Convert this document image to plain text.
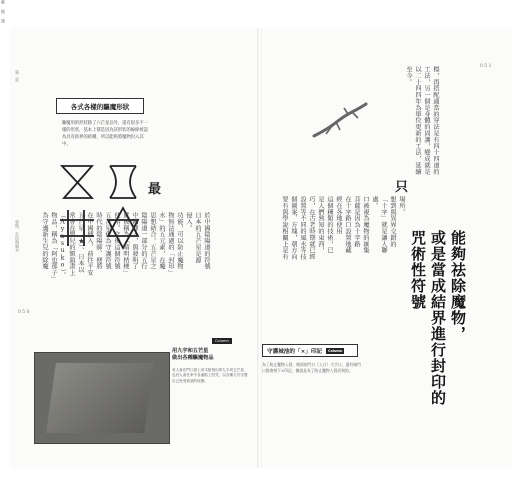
第二章
事物、生活與風水
0 5 0
各式各樣的驅魔形狀
驅魔用的形狀除了六芒星以外，還有很多不一樣的形狀，基本上都是因為該形狀的線條被認為具有結界的結構，所以能夠將魔物封入其中。
最
蘇 帳 簿
於中國陰陽道的符號
日本的五芒星是源
侵入。
功能，可以防止魔物
物無法通過的「封印」
水」的五元素，在魔
思想結合。五芒星之
陰陽道一部分的五行
中國傳入，與發明了
就被稱為「晴明桔梗」
使用。之後這個符號
五芒星作為守護符號
時代的陰陽師、便將
在中國傳入、前往平安
五芒星（★）、日本以
常會在嬰兒的額頭畫上
（Ayasuko）。
物品，稱為「阿也那子」
為守護新生兒的除魔
Column
用九字和五芒星
做出各種驅魔物品
有人會在門口掛上用木板刻出的九字或五芒星，也有人會在家中各處貼上符咒，以各種方式守護自己免受邪惡的侵擾。
0 5 1
標，再搭配適當的穿法是有四十四道的工法，另一個是身體的固護，變成就是以二十四四年為單位更新的工法，延續至今。
只
場所。
想到與異界交錯的
「十字」就是讓人聯
處。
口被視為魔物的匯集
菩薩是因為十字路
在十字路口設置地藏
經在各地使用
這個種類的技術，已
是人們熟知的東西，
巧，在古老時期就已經
設置等不同的風水等技
個圖案、方塊，朝方向
要有與學說相關上是有
能夠祛除魔物，
或是當成結界進行封印的
咒術性符號
守護城池的「×」印記	Column
為了防止魔物入侵，城郭的門口（入口）大手口，還有城門口都會刻下×印記，據說是為了防止魔物入侵而刻的。
